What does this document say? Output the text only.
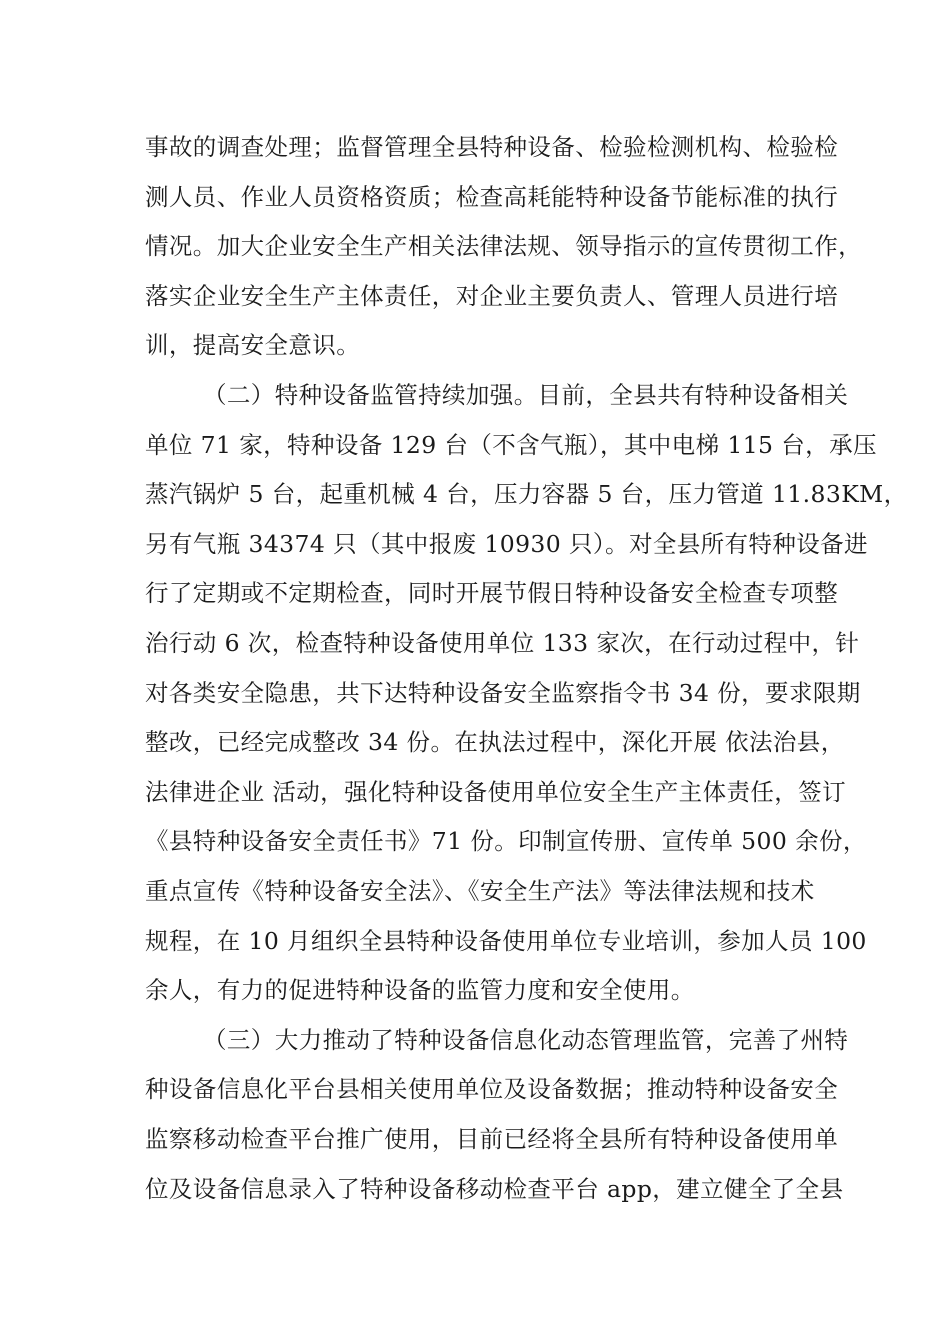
事故的调查处理；监督管理全县特种设备、检验检测机构、检验检
测人员、作业人员资格资质；检查高耗能特种设备节能标准的执行
情况。加大企业安全生产相关法律法规、领导指示的宣传贯彻工作，
落实企业安全生产主体责任，对企业主要负责人、管理人员进行培
训，提高安全意识。
（二）特种设备监管持续加强。目前，全县共有特种设备相关
单位 71 家，特种设备 129 台（不含气瓶），其中电梯 115 台，承压
蒸汽锅炉 5 台，起重机械 4 台，压力容器 5 台，压力管道 11.83KM，
另有气瓶 34374 只（其中报废 10930 只）。对全县所有特种设备进
行了定期或不定期检查，同时开展节假日特种设备安全检查专项整
治行动 6 次，检查特种设备使用单位 133 家次，在行动过程中，针
对各类安全隐患，共下达特种设备安全监察指令书 34 份，要求限期
整改，已经完成整改 34 份。在执法过程中，深化开展 依法治县，
法律进企业 活动，强化特种设备使用单位安全生产主体责任，签订
《县特种设备安全责任书》71 份。印制宣传册、宣传单 500 余份，
重点宣传《特种设备安全法》、《安全生产法》等法律法规和技术
规程，在 10 月组织全县特种设备使用单位专业培训，参加人员 100
余人，有力的促进特种设备的监管力度和安全使用。
（三）大力推动了特种设备信息化动态管理监管，完善了州特
种设备信息化平台县相关使用单位及设备数据；推动特种设备安全
监察移动检查平台推广使用，目前已经将全县所有特种设备使用单
位及设备信息录入了特种设备移动检查平台 app，建立健全了全县
